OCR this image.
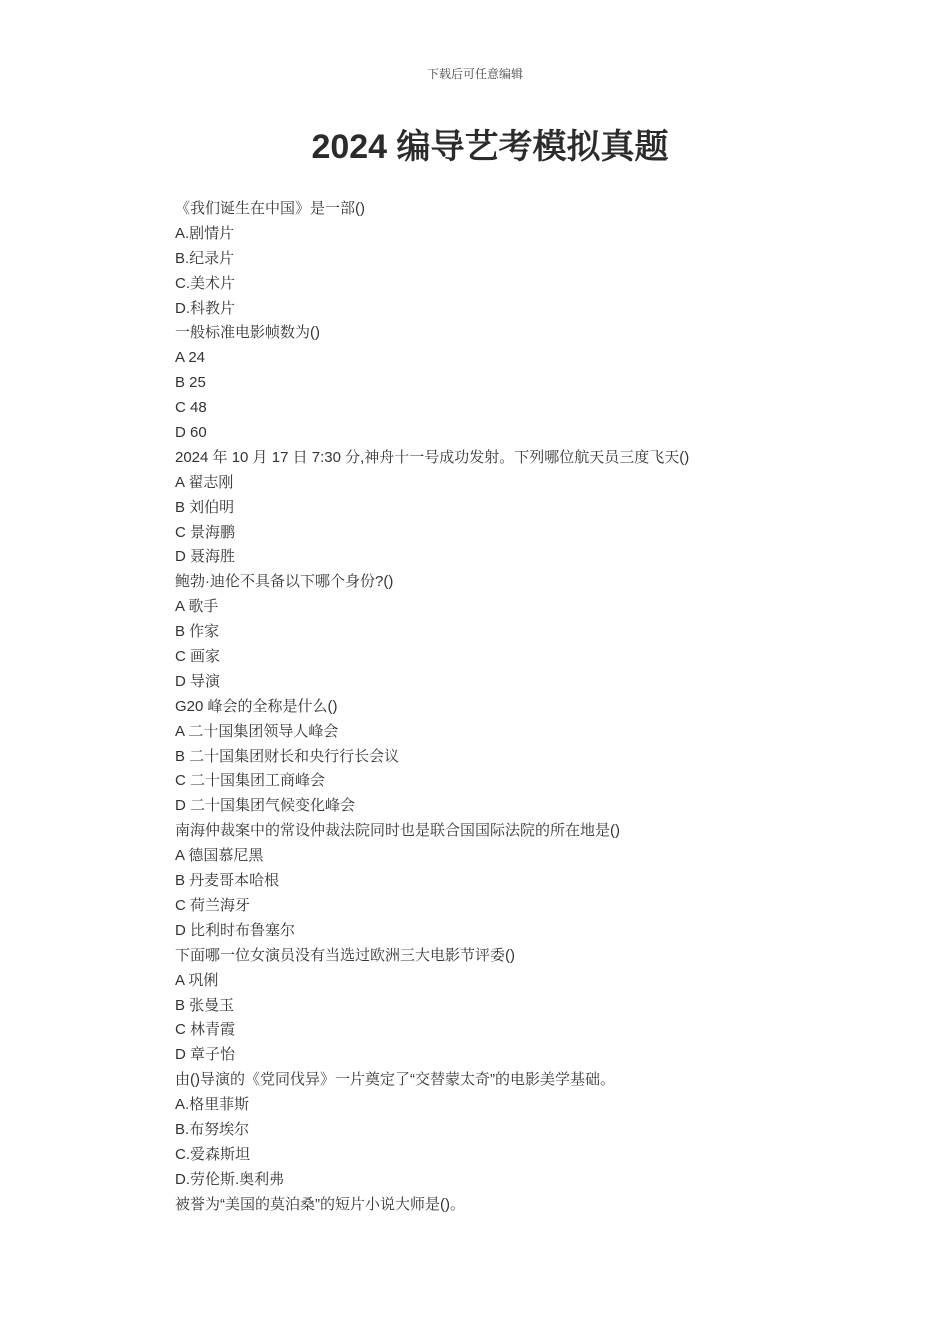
下载后可任意编辑
2024 编导艺考模拟真题
《我们诞生在中国》是一部()
A.剧情片
B.纪录片
C.美术片
D.科教片
一般标准电影帧数为()
A 24
B 25
C 48
D 60
2024 年 10 月 17 日 7:30 分,神舟十一号成功发射。下列哪位航天员三度飞天()
A 翟志刚
B 刘伯明
C 景海鹏
D 聂海胜
鲍勃·迪伦不具备以下哪个身份?()
A 歌手
B 作家
C 画家
D 导演
G20 峰会的全称是什么()
A 二十国集团领导人峰会
B 二十国集团财长和央行行长会议
C 二十国集团工商峰会
D 二十国集团气候变化峰会
南海仲裁案中的常设仲裁法院同时也是联合国国际法院的所在地是()
A 德国慕尼黑
B 丹麦哥本哈根
C 荷兰海牙
D 比利时布鲁塞尔
下面哪一位女演员没有当选过欧洲三大电影节评委()
A 巩俐
B 张曼玉
C 林青霞
D 章子怡
由()导演的《党同伐异》一片奠定了“交替蒙太奇”的电影美学基础。
A.格里菲斯
B.布努埃尔
C.爱森斯坦
D.劳伦斯.奥利弗
被誉为“美国的莫泊桑”的短片小说大师是()。
